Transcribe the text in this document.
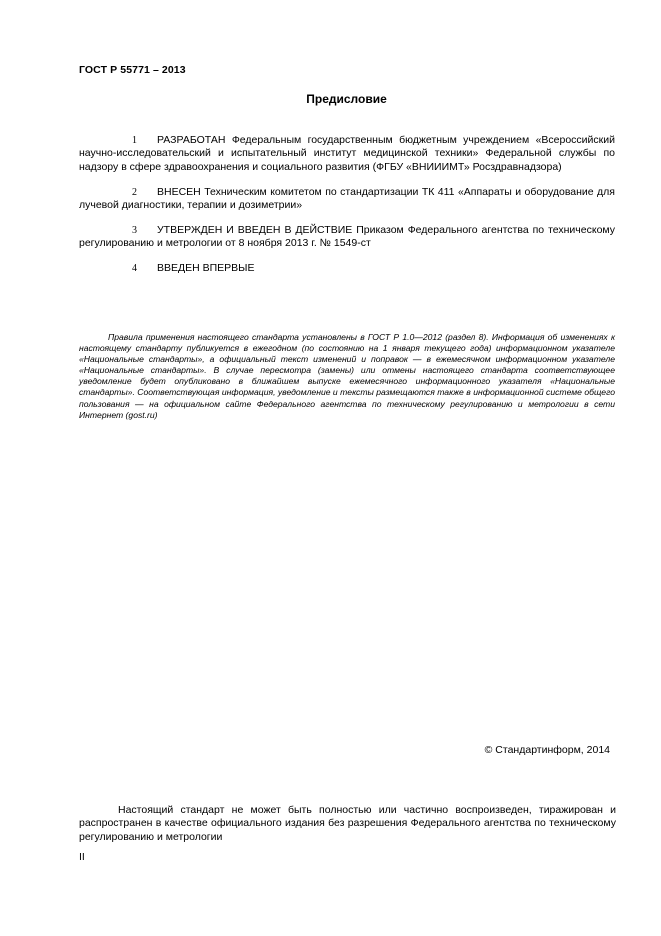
ГОСТ Р 55771 – 2013
Предисловие

1 РАЗРАБОТАН Федеральным государственным бюджетным учреждением «Всероссийский научно-исследовательский и испытательный институт медицинской техники» Федеральной службы по надзору в сфере здравоохранения и социального развития (ФГБУ «ВНИИИМТ» Росздравнадзора)

2 ВНЕСЕН Техническим комитетом по стандартизации ТК 411 «Аппараты и оборудование для лучевой диагностики, терапии и дозиметрии»

3 УТВЕРЖДЕН И ВВЕДЕН В ДЕЙСТВИЕ Приказом Федерального агентства по техническому регулированию и метрологии от 8 ноября 2013 г. № 1549-ст

4 ВВЕДЕН ВПЕРВЫЕ

Правила применения настоящего стандарта установлены в ГОСТ Р 1.0—2012 (раздел 8). Информация об изменениях к настоящему стандарту публикуется в ежегодном (по состоянию на 1 января текущего года) информационном указателе «Национальные стандарты», а официальный текст изменений и поправок — в ежемесячном информационном указателе «Национальные стандарты». В случае пересмотра (замены) или отмены настоящего стандарта соответствующее уведомление будет опубликовано в ближайшем выпуске ежемесячного информационного указателя «Национальные стандарты». Соответствующая информация, уведомление и тексты размещаются также в информационной системе общего пользования — на официальном сайте Федерального агентства по техническому регулированию и метрологии в сети Интернет (gost.ru)

© Стандартинформ, 2014

Настоящий стандарт не может быть полностью или частично воспроизведен, тиражирован и распространен в качестве официального издания без разрешения Федерального агентства по техническому регулированию и метрологии

II
